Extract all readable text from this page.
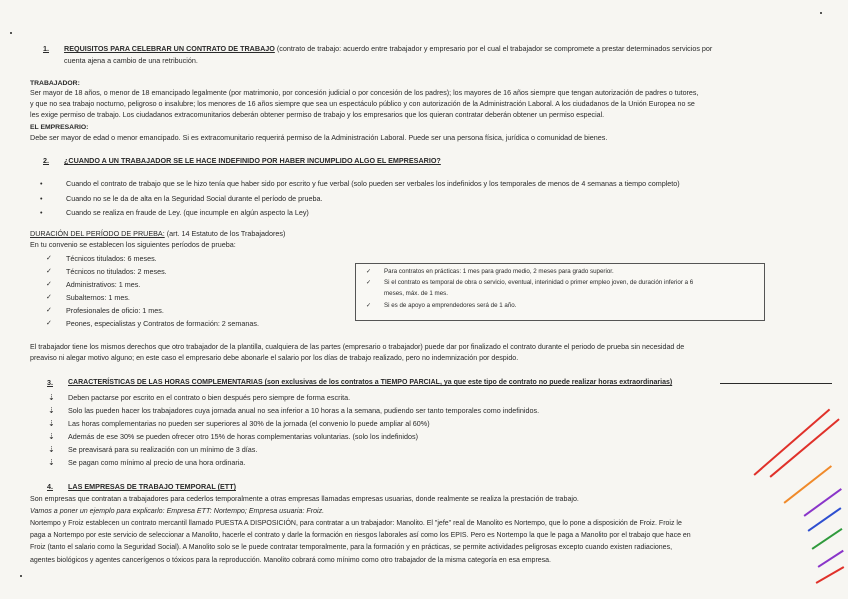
1. REQUISITOS PARA CELEBRAR UN CONTRATO DE TRABAJO (contrato de trabajo: acuerdo entre trabajador y empresario por el cual el trabajador se compromete a prestar determinados servicios por
cuenta ajena a cambio de una retribución.
TRABAJADOR:
Ser mayor de 18 años, o menor de 18 emancipado legalmente (por matrimonio, por concesión judicial o por concesión de los padres); los mayores de 16 años siempre que tengan autorización de padres o tutores,
y que no sea trabajo nocturno, peligroso o insalubre; los menores de 16 años siempre que sea un espectáculo público y con autorización de la Administración Laboral. A los ciudadanos de la Unión Europea no se
les exige permiso de trabajo. Los ciudadanos extracomunitarios deberán obtener permiso de trabajo y los empresarios que los quieran contratar deberán obtener un permiso especial.
EL EMPRESARIO:
Debe ser mayor de edad o menor emancipado. Si es extracomunitario requerirá permiso de la Administración Laboral. Puede ser una persona física, jurídica o comunidad de bienes.
2. ¿CUANDO A UN TRABAJADOR SE LE HACE INDEFINIDO POR HABER INCUMPLIDO ALGO EL EMPRESARIO?
• Cuando el contrato de trabajo que se le hizo tenía que haber sido por escrito y fue verbal (solo pueden ser verbales los indefinidos y los temporales de menos de 4 semanas a tiempo completo)
• Cuando no se le da de alta en la Seguridad Social durante el período de prueba.
• Cuando se realiza en fraude de Ley. (que incumple en algún aspecto la Ley)
DURACIÓN DEL PERÍODO DE PRUEBA: (art. 14 Estatuto de los Trabajadores)
En tu convenio se establecen los siguientes períodos de prueba:
✓ Técnicos titulados: 6 meses.
✓ Técnicos no titulados: 2 meses.
✓ Administrativos: 1 mes.
✓ Subalternos: 1 mes.
✓ Profesionales de oficio: 1 mes.
✓ Peones, especialistas y Contratos de formación: 2 semanas.
✓ Para contratos en prácticas: 1 mes para grado medio, 2 meses para grado superior.
✓ Si el contrato es temporal de obra o servicio, eventual, interinidad o primer empleo joven, de duración inferior a 6
meses, máx. de 1 mes.
✓ Si es de apoyo a emprendedores será de 1 año.
El trabajador tiene los mismos derechos que otro trabajador de la plantilla, cualquiera de las partes (empresario o trabajador) puede dar por finalizado el contrato durante el periodo de prueba sin necesidad de
preaviso ni alegar motivo alguno; en este caso el empresario debe abonarle el salario por los días de trabajo realizado, pero no indemnización por despido.
3. CARACTERÍSTICAS DE LAS HORAS COMPLEMENTARIAS (son exclusivas de los contratos a TIEMPO PARCIAL, ya que este tipo de contrato no puede realizar horas extraordinarias)
⇣ Deben pactarse por escrito en el contrato o bien después pero siempre de forma escrita.
⇣ Solo las pueden hacer los trabajadores cuya jornada anual no sea inferior a 10 horas a la semana, pudiendo ser tanto temporales como indefinidos.
⇣ Las horas complementarias no pueden ser superiores al 30% de la jornada (el convenio lo puede ampliar al 60%)
⇣ Además de ese 30% se pueden ofrecer otro 15% de horas complementarias voluntarias. (solo los indefinidos)
⇣ Se preavisará para su realización con un mínimo de 3 días.
⇣ Se pagan como mínimo al precio de una hora ordinaria.
4. LAS EMPRESAS DE TRABAJO TEMPORAL (ETT)
Son empresas que contratan a trabajadores para cederlos temporalmente a otras empresas llamadas empresas usuarias, donde realmente se realiza la prestación de trabajo.
Vamos a poner un ejemplo para explicarlo: Empresa ETT: Nortempo; Empresa usuaria: Froiz.
Nortempo y Froiz establecen un contrato mercantil llamado PUESTA A DISPOSICIÓN, para contratar a un trabajador: Manolito. El "jefe" real de Manolito es Nortempo, que lo pone a disposición de Froiz. Froiz le
paga a Nortempo por este servicio de seleccionar a Manolito, hacerle el contrato y darle la formación en riesgos laborales así como los EPIS. Pero es Nortempo la que le paga a Manolito por el trabajo que hace en
Froiz (tanto el salario como la Seguridad Social). A Manolito solo se le puede contratar temporalmente, para la formación y en prácticas, se permite actividades peligrosas excepto cuando existen radiaciones,
agentes biológicos y agentes cancerígenos o tóxicos para la reproducción. Manolito cobrará como mínimo como otro trabajador de la misma categoría en esa empresa.
